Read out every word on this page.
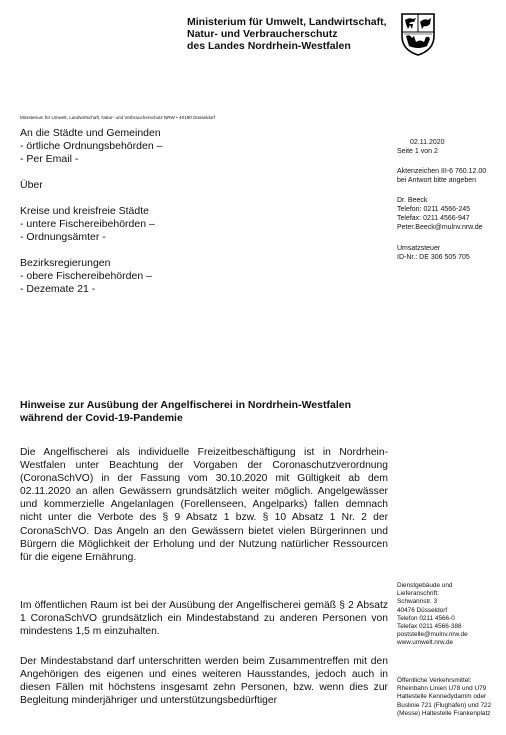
Ministerium für Umwelt, Landwirtschaft,
Natur- und Verbraucherschutz
des Landes Nordrhein-Westfalen
Ministerium für Umwelt, Landwirtschaft, Natur- und Verbraucherschutz NRW • 40190 Düsseldorf
An die Städte und Gemeinden
- örtliche Ordnungsbehörden –
- Per Email -
Über
Kreise und kreisfreie Städte
- untere Fischereibehörden –
- Ordnungsämter -
Bezirksregierungen
- obere Fischereibehörden –
- Dezemate 21 -
02.11.2020
Seite 1 von 2
Aktenzeichen III-6 760.12.00
bei Antwort bitte angeben
Dr. Beeck
Telefon: 0211 4566-245
Telefax: 0211 4566-947
Peter.Beeck@mulnv.nrw.de
Umsatzsteuer
ID-Nr.: DE 306 505 705
Hinweise zur Ausübung der Angelfischerei in Nordrhein-Westfalen während der Covid-19-Pandemie
Die Angelfischerei als individuelle Freizeitbeschäftigung ist in Nordrhein-Westfalen unter Beachtung der Vorgaben der Coronaschutzverordnung (CoronaSchVO) in der Fassung vom 30.10.2020 mit Gültigkeit ab dem 02.11.2020 an allen Gewässern grundsätzlich weiter möglich. Angelgewässer und kommerzielle Angelanlagen (Forellenseen, Angelparks) fallen demnach nicht unter die Verbote des § 9 Absatz 1 bzw. § 10 Absatz 1 Nr. 2 der CoronaSchVO. Das Angeln an den Gewässern bietet vielen Bürgerinnen und Bürgern die Möglichkeit der Erholung und der Nutzung natürlicher Ressourcen für die eigene Ernährung.
Im öffentlichen Raum ist bei der Ausübung der Angelfischerei gemäß § 2 Absatz 1 CoronaSchVO grundsätzlich ein Mindestabstand zu anderen Personen von mindestens 1,5 m einzuhalten.
Der Mindestabstand darf unterschritten werden beim Zusammentreffen mit den Angehörigen des eigenen und eines weiteren Hausstandes, jedoch auch in diesen Fällen mit höchstens insgesamt zehn Personen, bzw. wenn dies zur Begleitung minderjähriger und unterstützungsbedürftiger
Dienstgebäude und
Lieferanschrift:
Schwannstr. 3
40476 Düsseldorf
Telefon 0211 4566-0
Telefax 0211 4566-388
poststelle@mulnv.nrw.de
www.umwelt.nrw.de
Öffentliche Verkehrsmittel:
Rheinbahn Linien U78 und U79
Haltestelle Kennedydamm oder
Buslinie 721 (Flughafen) und 722
(Messe) Haltestelle Frankenplatz
